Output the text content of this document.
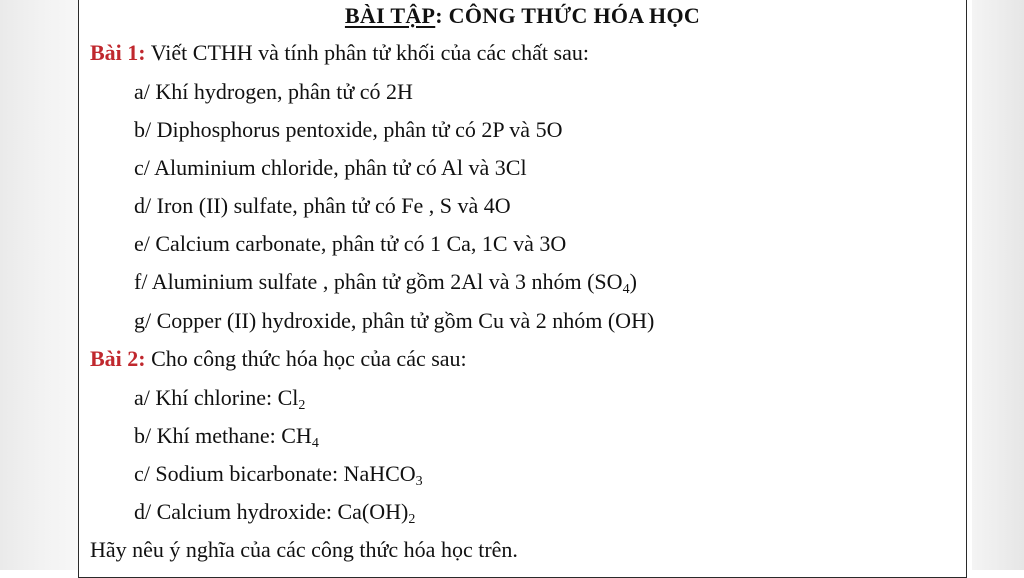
BÀI TẬP: CÔNG THỨC HÓA HỌC
Bài 1: Viết CTHH và tính phân tử khối của các chất sau:
a/ Khí hydrogen, phân tử có 2H
b/ Diphosphorus pentoxide, phân tử có 2P và 5O
c/ Aluminium chloride, phân tử có Al và 3Cl
d/ Iron (II) sulfate, phân tử có Fe , S và 4O
e/ Calcium carbonate, phân tử có 1 Ca, 1C và 3O
f/ Aluminium sulfate , phân tử gồm 2Al và 3 nhóm $(SO_4)$
g/ Copper (II) hydroxide, phân tử gồm Cu và 2 nhóm (OH)
Bài 2: Cho công thức hóa học của các sau:
a/ Khí chlorine: $Cl_2$
b/ Khí methane: $CH_4$
c/ Sodium bicarbonate: NaHCO$_3$
d/ Calcium hydroxide: $Ca(OH)_2$
Hãy nêu ý nghĩa của các công thức hóa học trên.
